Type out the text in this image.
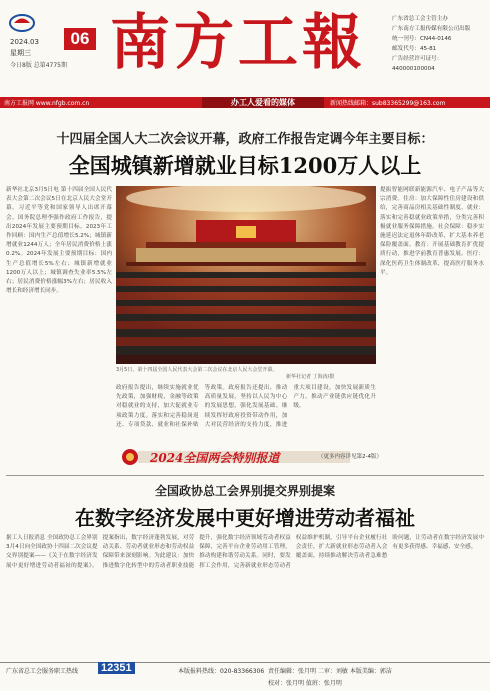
2024.03	06
星期三
今日8版 总第4775期 南方工報	广东省总工会主管主办
广东南方工报传媒有限公司出版
统一刊号：CN44-0146
邮发代号：45-81
广告经营许可证号：
440000100004
南方工报网 www.nfgb.com.cn	办工人爱看的媒体	新闻热线邮箱：sub83365299@163.com
十四届全国人大二次会议开幕，政府工作报告定调今年主要目标：
全国城镇新增就业目标1200万人以上
新华社北京3月5日电 第十四届全国人民代表大会第二次会议5日在北京人民大会堂开幕。习近平等党和国家领导人出席开幕会。国务院总理李强作政府工作报告，提出2024年发展主要预期目标。2023年工作回顾：国内生产总值增长5.2%；城镇新增就业1244万人；全年居民消费价格上涨0.2%。2024年发展主要预期目标：国内生产总值增长5%左右；城镇新增就业1200万人以上；城镇调查失业率5.5%左右；居民消费价格涨幅3%左右；居民收入增长和经济增长同步。
3月5日，第十四届全国人民代表大会第二次会议在北京人民大会堂开幕。
新华社记者 丁海涛/摄
政府报告提出，继续实施就业优先政策，加强财税、金融等政策对稳就业的支持，加大促就业专项政策力度。落实和完善稳岗返还、专项贷款、就业和社保补贴等政策。政府报告还提出，推动高质量发展，坚持以人民为中心的发展思想，强化发展基础。继续发挥好政府投资带动作用，加大对民营经济的支持力度，推进重大项目建设。加快发展新质生产力，推动产业链供应链优化升级。
提振智能网联新能源汽车、电子产品等大宗消费。住房：加大保障性住房建设和供给，完善商品房相关基础性制度。就业：落实和完善稳就业政策举措，分类完善积极就业服务保障措施。社会保障：稳步实施延迟法定退休年龄改革，扩大基本养老保险覆盖面。教育：开展基础教育扩优提质行动，推进学前教育普惠发展。医疗：深化医药卫生体制改革，提高医疗服务水平。
2024全国两会特别报道	（更多内容详见第2-4版）
全国政协总工会界别提交界别提案
在数字经济发展中更好增进劳动者福祉
据工人日报消息 全国政协总工会界别3月4日向全国政协十四届二次会议提交界别提案——《关于在数字经济发展中更好增进劳动者福祉的提案》。提案指出，数字经济蓬勃发展，对劳动关系、劳动者就业形态和劳动权益保障带来深刻影响。为此建议：加快推进数字化转型中的劳动者职业技能提升，强化数字经济领域劳动者权益保障，完善平台企业劳动用工管理，推动构建和谐劳动关系。同时，要发挥工会作用，完善新就业形态劳动者权益维护机制，引导平台企业履行社会责任，扩大新就业形态劳动者入会覆盖面，持续推动解决劳动者急难愁盼问题，让劳动者在数字经济发展中有更多获得感、幸福感、安全感。
广东省总工会服务职工热线 12351	本版报料热线：020-83366306 责任编辑：张月明 二审：刘敏 本版美编：郭洁
校对：张月明 值班：张月明
